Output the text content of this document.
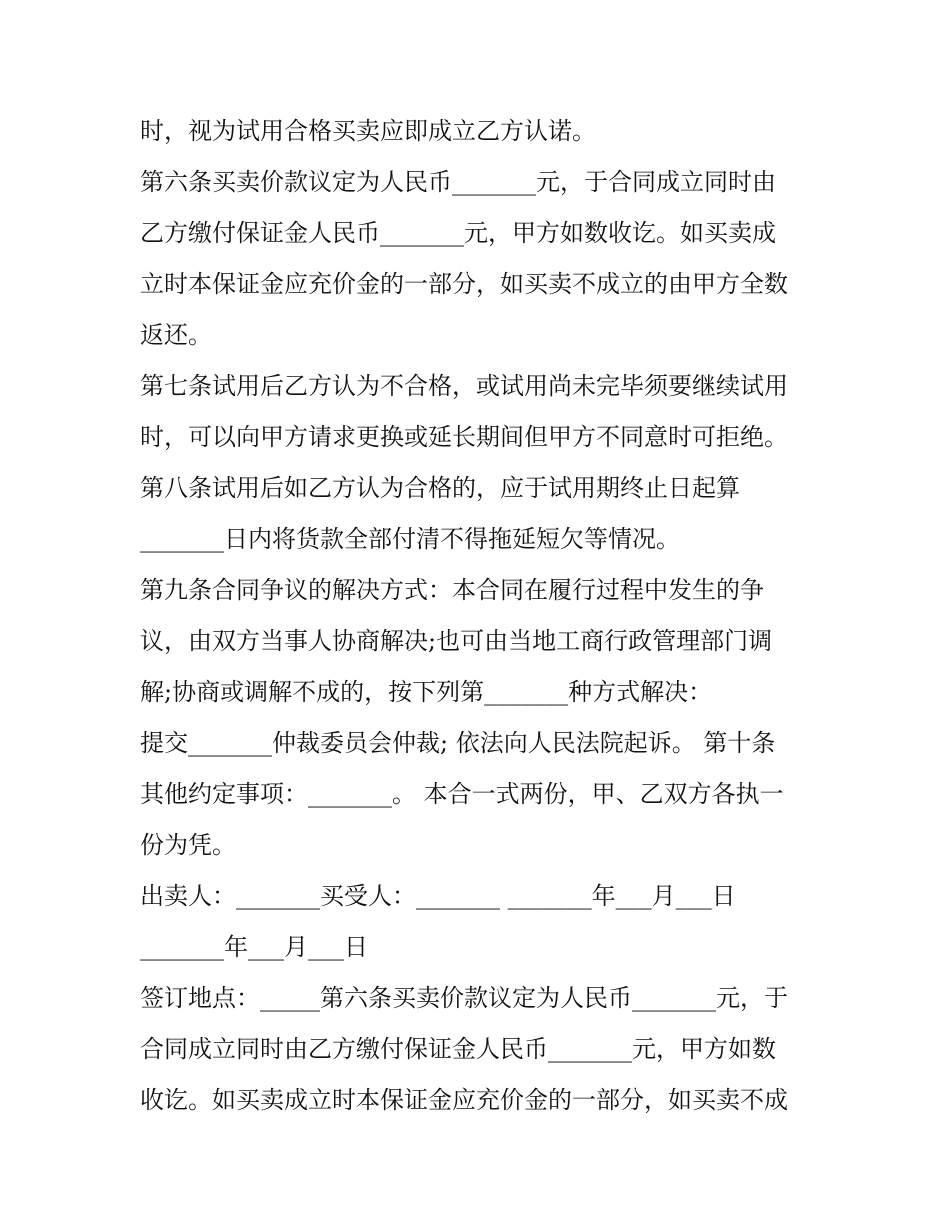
时，视为试用合格买卖应即成立乙方认诺。
第六条买卖价款议定为人民币_______元，于合同成立同时由
乙方缴付保证金人民币_______元，甲方如数收讫。如买卖成
立时本保证金应充价金的一部分，如买卖不成立的由甲方全数
返还。
第七条试用后乙方认为不合格，或试用尚未完毕须要继续试用
时，可以向甲方请求更换或延长期间但甲方不同意时可拒绝。
第八条试用后如乙方认为合格的，应于试用期终止日起算
_______日内将货款全部付清不得拖延短欠等情况。
第九条合同争议的解决方式：本合同在履行过程中发生的争
议，由双方当事人协商解决;也可由当地工商行政管理部门调
解;协商或调解不成的，按下列第_______种方式解决：
提交_______仲裁委员会仲裁; 依法向人民法院起诉。 第十条
其他约定事项：_______。 本合一式两份，甲、乙双方各执一
份为凭。
出卖人：_______买受人：_______ _______年___月___日
_______年___月___日
签订地点：_____第六条买卖价款议定为人民币_______元，于
合同成立同时由乙方缴付保证金人民币_______元，甲方如数
收讫。如买卖成立时本保证金应充价金的一部分，如买卖不成
